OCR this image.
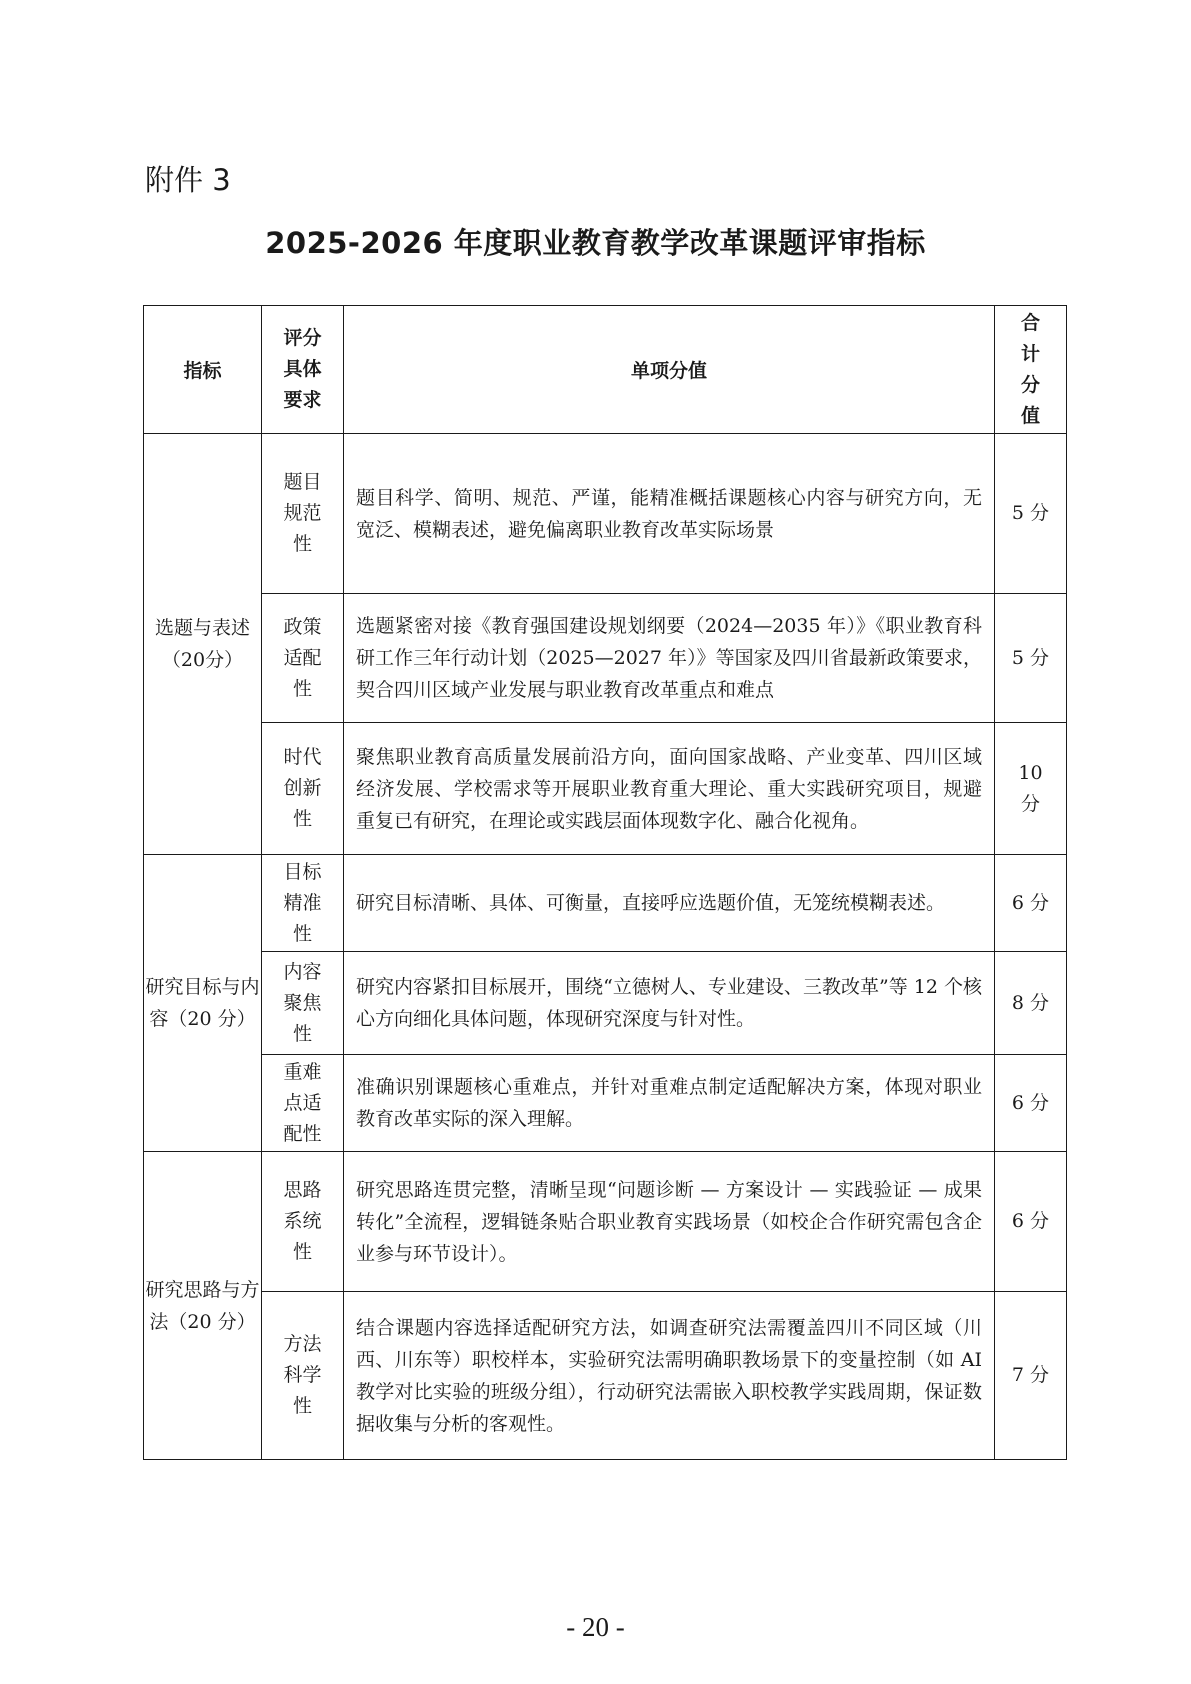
附件 3
2025-2026 年度职业教育教学改革课题评审指标
指标	评分具体要求	单项分值	合计分值
选题与表述（20分）	题目规范性	题目科学、简明、规范、严谨，能精准概括课题核心内容与研究方向，无宽泛、模糊表述，避免偏离职业教育改革实际场景	5 分
	政策适配性	选题紧密对接《教育强国建设规划纲要（2024—2035 年）》《职业教育科研工作三年行动计划（2025—2027 年）》等国家及四川省最新政策要求，契合四川区域产业发展与职业教育改革重点和难点	5 分
	时代创新性	聚焦职业教育高质量发展前沿方向，面向国家战略、产业变革、四川区域经济发展、学校需求等开展职业教育重大理论、重大实践研究项目，规避重复已有研究，在理论或实践层面体现数字化、融合化视角。	10 分
研究目标与内容（20 分）	目标精准性	研究目标清晰、具体、可衡量，直接呼应选题价值，无笼统模糊表述。	6 分
	内容聚焦性	研究内容紧扣目标展开，围绕“立德树人、专业建设、三教改革”等 12 个核心方向细化具体问题，体现研究深度与针对性。	8 分
	重难点适配性	准确识别课题核心重难点，并针对重难点制定适配解决方案，体现对职业教育改革实际的深入理解。	6 分
研究思路与方法（20 分）	思路系统性	研究思路连贯完整，清晰呈现“问题诊断 — 方案设计 — 实践验证 — 成果转化”全流程，逻辑链条贴合职业教育实践场景（如校企合作研究需包含企业参与环节设计）。	6 分
	方法科学性	结合课题内容选择适配研究方法，如调查研究法需覆盖四川不同区域（川西、川东等）职校样本，实验研究法需明确职教场景下的变量控制（如 AI 教学对比实验的班级分组），行动研究法需嵌入职校教学实践周期，保证数据收集与分析的客观性。	7 分
- 20 -
